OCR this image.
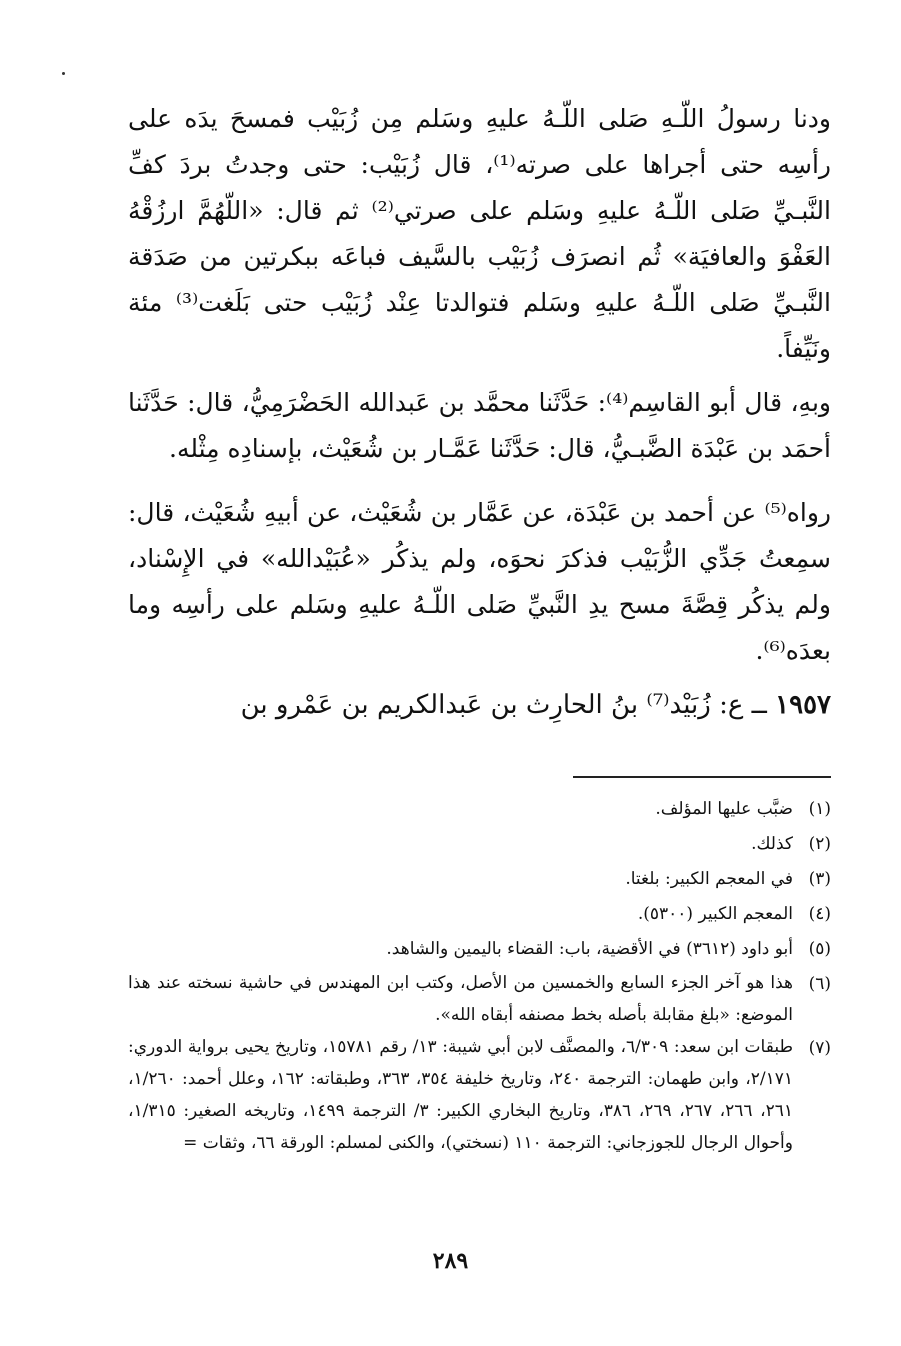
ودنا رسولُ اللّـهِ صَلى اللّـهُ عليهِ وسَلم مِن زُبَيْب فمسحَ يدَه على رأسِه حتى أجراها على صرته⁽¹⁾، قال زُبَيْب: حتى وجدتُ بردَ كفِّ النَّبـيِّ صَلى اللّـهُ عليهِ وسَلم على صرتي⁽²⁾ ثم قال: «اللّهُمَّ ارزُقْهُ العَفْوَ والعافيَة» ثُم انصرَف زُبَيْب بالسَّيف فباعَه ببكرتين من صَدَقة النَّبـيِّ صَلى اللّـهُ عليهِ وسَلم فتوالدتا عِنْد زُبَيْب حتى بَلَغت⁽³⁾ مئة ونَيِّفاً.

وبهِ، قال أبو القاسِم⁽⁴⁾: حَدَّثَنا محمَّد بن عَبدالله الحَضْرَمِيُّ، قال: حَدَّثَنا أحمَد بن عَبْدَة الضَّبـيُّ، قال: حَدَّثَنا عَمَّـار بن شُعَيْث، بإسنادِه مِثْله.

رواه⁽⁵⁾ عن أحمد بن عَبْدَة، عن عَمَّار بن شُعَيْث، عن أبيهِ شُعَيْث، قال: سمِعتُ جَدِّي الزُّبَيْب فذكرَ نحوَه، ولم يذكُر «عُبَيْدالله» في الإِسْناد، ولم يذكُر قِصَّةَ مسح يدِ النَّبيِّ صَلى اللّـهُ عليهِ وسَلم على رأسِه وما بعدَه⁽⁶⁾.

١٩٥٧ ــ ع: زُبَيْد⁽⁷⁾ بنُ الحارِث بن عَبدالكريم بن عَمْرو بن

(١)
ضبَّب عليها المؤلف.
(٢)
كذلك.
(٣)
في المعجم الكبير: بلغتا.
(٤)
المعجم الكبير (٥٣٠٠).
(٥)
أبو داود (٣٦١٢) في الأقضية، باب: القضاء باليمين والشاهد.
(٦)
هذا هو آخر الجزء السابع والخمسين من الأصل، وكتب ابن المهندس في حاشية نسخته عند هذا الموضع: «بلغ مقابلة بأصله بخط مصنفه أبقاه الله».
(٧)
طبقات ابن سعد: ٦/٣٠٩، والمصنَّف لابن أبي شيبة: ١٣/ رقم ١٥٧٨١، وتاريخ يحيى برواية الدوري: ٢/١٧١، وابن طهمان: الترجمة ٢٤٠، وتاريخ خليفة ٣٥٤، ٣٦٣، وطبقاته: ١٦٢، وعلل أحمد: ١/٢٦٠، ٢٦١، ٢٦٦، ٢٦٧، ٢٦٩، ٣٨٦، وتاريخ البخاري الكبير: ٣/ الترجمة ١٤٩٩، وتاريخه الصغير: ١/٣١٥، وأحوال الرجال للجوزجاني: الترجمة ١١٠ (نسختي)، والكنى لمسلم: الورقة ٦٦، وثقات =
٢٨٩
